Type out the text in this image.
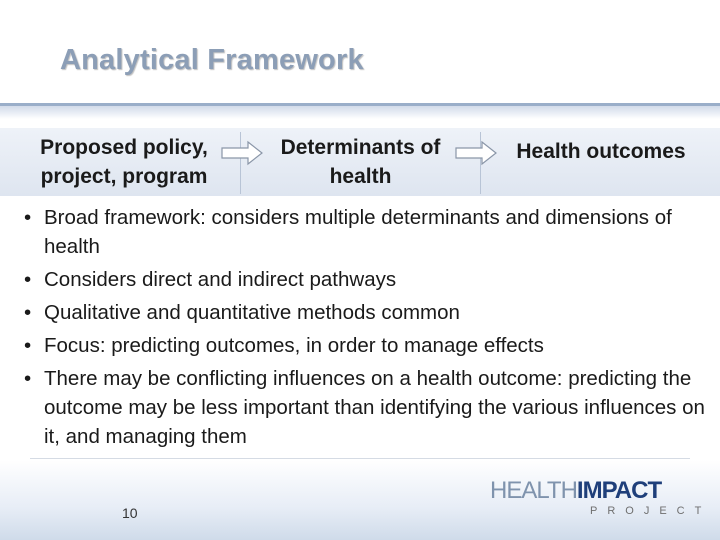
Analytical Framework
Proposed policy,
project, program
Determinants of
health
Health outcomes
• Broad framework: considers multiple determinants and dimensions of health
• Considers direct and indirect pathways
• Qualitative and quantitative methods common
• Focus: predicting outcomes, in order to manage effects
• There may be conflicting influences on a health outcome: predicting the outcome may be less important than identifying the various influences on it, and managing them
10
HEALTHIMPACT
PROJECT
